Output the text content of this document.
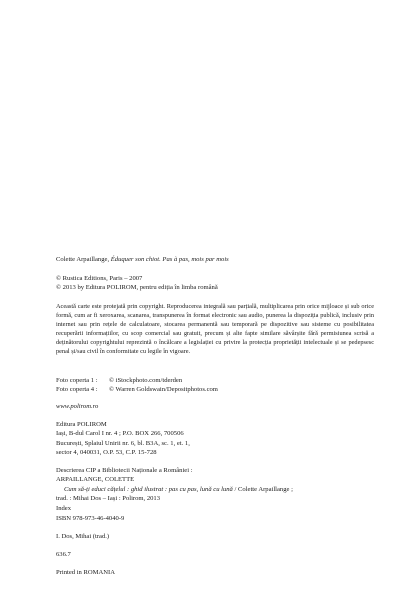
Colette Arpaillange, Éduquer son chiot. Pas à pas, mois par mois

© Rustica Editions, Paris – 2007

© 2013 by Editura POLIROM, pentru ediția în limba română

Această carte este protejată prin copyright. Reproducerea integrală sau parțială, multiplicarea prin orice mijloace și sub orice formă, cum ar fi xeroxarea, scanarea, transpunerea în format electronic sau audio, punerea la dispoziția publică, inclusiv prin internet sau prin rețele de calculatoare, stocarea permanentă sau temporară pe dispozitive sau sisteme cu posibilitatea recuperării informațiilor, cu scop comercial sau gratuit, precum și alte fapte similare săvârșite fără permisiunea scrisă a deținătorului copyrightului reprezintă o încălcare a legislației cu privire la protecția proprietății intelectuale și se pedepsesc penal și/sau civil în conformitate cu legile în vigoare.

Foto coperta 1 :	© iStockphoto.com/tderden
Foto coperta 4 :	© Warren Goldswain/Depositphotos.com

www.polirom.ro

Editura POLIROM

Iași, B-dul Carol I nr. 4 ; P.O. BOX 266, 700506

București, Splaiul Unirii nr. 6, bl. B3A, sc. 1, et. 1,

sector 4, 040031, O.P. 53, C.P. 15-728

Descrierea CIP a Bibliotecii Naționale a României :

ARPAILLANGE, COLETTE

Cum să-ți educi cățelul : ghid ilustrat : pas cu pas, lună cu lună / Colette Arpaillange ;

trad. : Mihai Dos – Iași : Polirom, 2013

Index

ISBN 978-973-46-4040-9

I. Dos, Mihai (trad.)

636.7

Printed in ROMANIA
